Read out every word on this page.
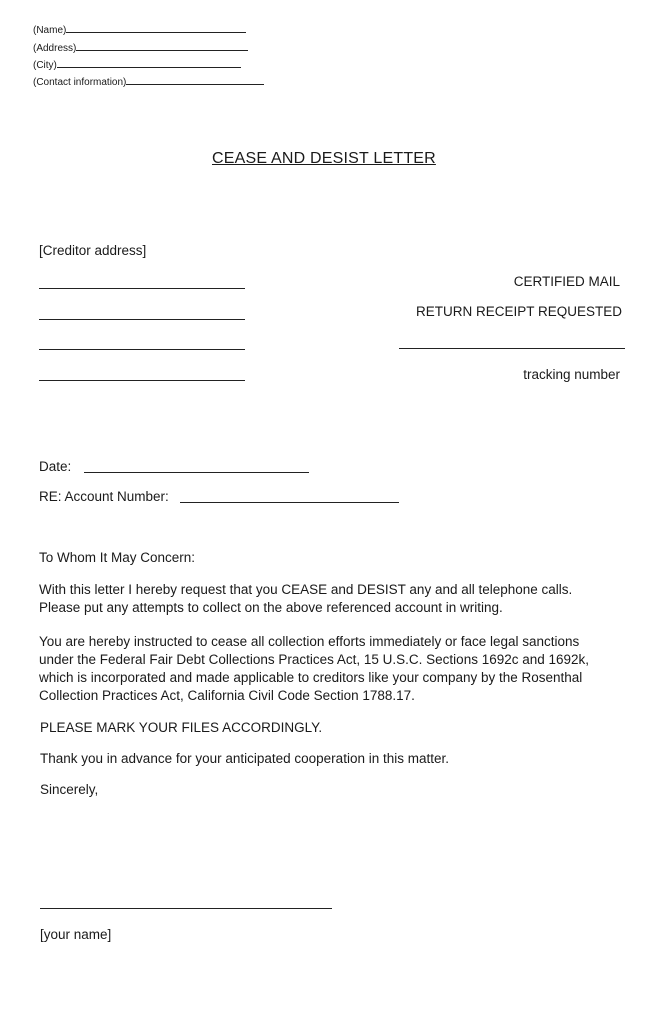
(Name)
(Address)
(City)
(Contact information)
CEASE AND DESIST LETTER
[Creditor address]
CERTIFIED MAIL
RETURN RECEIPT REQUESTED
tracking number
Date:
RE: Account Number:
To Whom It May Concern:
With this letter I hereby request that you CEASE and DESIST any and all telephone calls.
Please put any attempts to collect on the above referenced account in writing.
You are hereby instructed to cease all collection efforts immediately or face legal sanctions
under the Federal Fair Debt Collections Practices Act, 15 U.S.C. Sections 1692c and 1692k,
which is incorporated and made applicable to creditors like your company by the Rosenthal
Collection Practices Act, California Civil Code Section 1788.17.
PLEASE MARK YOUR FILES ACCORDINGLY.
Thank you in advance for your anticipated cooperation in this matter.
Sincerely,
[your name]
